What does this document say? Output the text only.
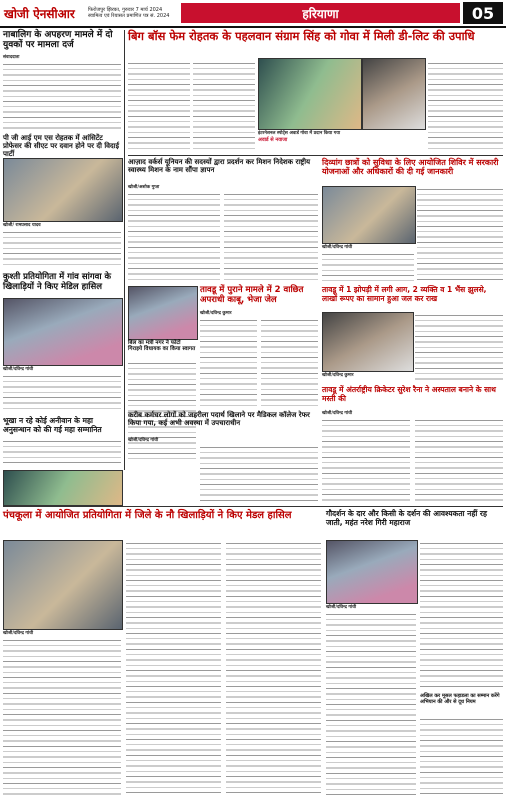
खोजी ऐनसीआर	फिरोजपुर झिरका, गुरुवार 7 मार्च 2024
स्वामित्व एवं रियासत प्रमाणित पत्र सं. 2024	हरियाणा	05
नाबालिग के अपहरण मामले में दो युवकों पर मामला दर्ज
संवाददाता
पी जी आई एम एस रोहतक में आंसिटेंट प्रोफेसर की सीएट पर दवान होने पर दी विदाई पार्टी
खोजी/ रामप्रसाद यादव
कुश्ती प्रतियोगिता में गांव सांगवा के खिलाड़ियों ने किए मेडिल हासिल
खोजी/दविन्द्र गांधी
भूखा न रहे कोई अनीवान के महा अनुसन्धान को की गई महा सम्मानित
बिग बॉस फेम रोहतक के पहलवान संग्राम सिंह को गोवा में मिली डी-लिट की उपाधि
इंटरनेशनल स्पोर्ट्स अवार्ड गोवा में प्रदान किया गया
अवार्ड से नवाजा
आज़ाद वर्कर्स यूनियन की सदस्यों द्वारा प्रदर्शन कर मिशन निदेशक राष्ट्रीय स्वास्थ्य मिशन के नाम सौंपा ज्ञापन
खोजी/अशोक गुप्ता
दिव्यांग छात्रों को सुविधा के लिए आयोजित शिविर में सरकारी योजनाओं और अधिकारों की दी गई जानकारी
खोजी/दविन्द्र गांधी
बिल का मंत्री नगर ने फोटो गिराइये विधायक का किया स्वागत
तावडू में पुराने मामले में 2 वाछित अपराधी काबू, भेजा जेल
खोजी/दविन्द्र कुमार
तावडू में 1 झोपड़ी में लगी आग, 2 व्यक्ति व 1 भैंस झुलसे, लाखों रूपए का सामान हुआ जल कर राख
खोजी/दविन्द्र कुमार
करीब कर्मचर लोगों को जहरीला पदार्थ खिलाने पर मैडिकल कॉलेज रेफर किया गया, कई अभी अवस्था में उपचाराधीन
खोजी/दविन्द्र गांधी
तावडू में अंतर्राष्ट्रीय क्रिकेटर सुरेश रैना ने अस्पताल बनाने के साथ मस्ती की
खोजी/दविन्द्र गांधी
पंचकूला में आयोजित प्रतियोगिता में जिले के नौ खिलाड़ियों ने किए मेडल हासिल
खोजी/दविन्द्र गांधी
गौदर्शन के दार और किसी के दर्शन की आवश्यकता नहीं रह जाती, महंत नरेश गिरी महाराज
खोजी/दविन्द्र गांधी
अखिल कर मूसल फहाडला का सम्मान करेंगे अभियान की और से दूध नियम
